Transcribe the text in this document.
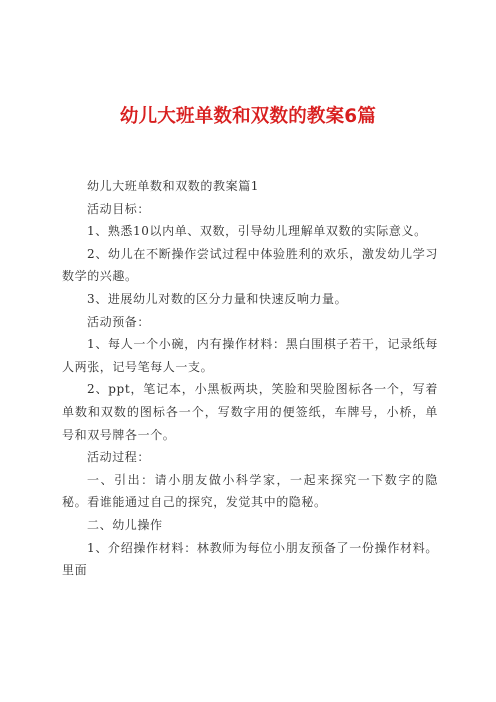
幼儿大班单数和双数的教案6篇

幼儿大班单数和双数的教案篇1

活动目标：

1、熟悉10以内单、双数，引导幼儿理解单双数的实际意义。

2、幼儿在不断操作尝试过程中体验胜利的欢乐，激发幼儿学习数学的兴趣。

3、进展幼儿对数的区分力量和快速反响力量。

活动预备：

1、每人一个小碗，内有操作材料：黑白围棋子若干，记录纸每人两张，记号笔每人一支。

2、ppt，笔记本，小黑板两块，笑脸和哭脸图标各一个，写着单数和双数的图标各一个，写数字用的便签纸，车牌号，小桥，单号和双号牌各一个。

活动过程：

一、引出：请小朋友做小科学家，一起来探究一下数字的隐秘。看谁能通过自己的探究，发觉其中的隐秘。

二、幼儿操作

1、介绍操作材料：林教师为每位小朋友预备了一份操作材料。里面
